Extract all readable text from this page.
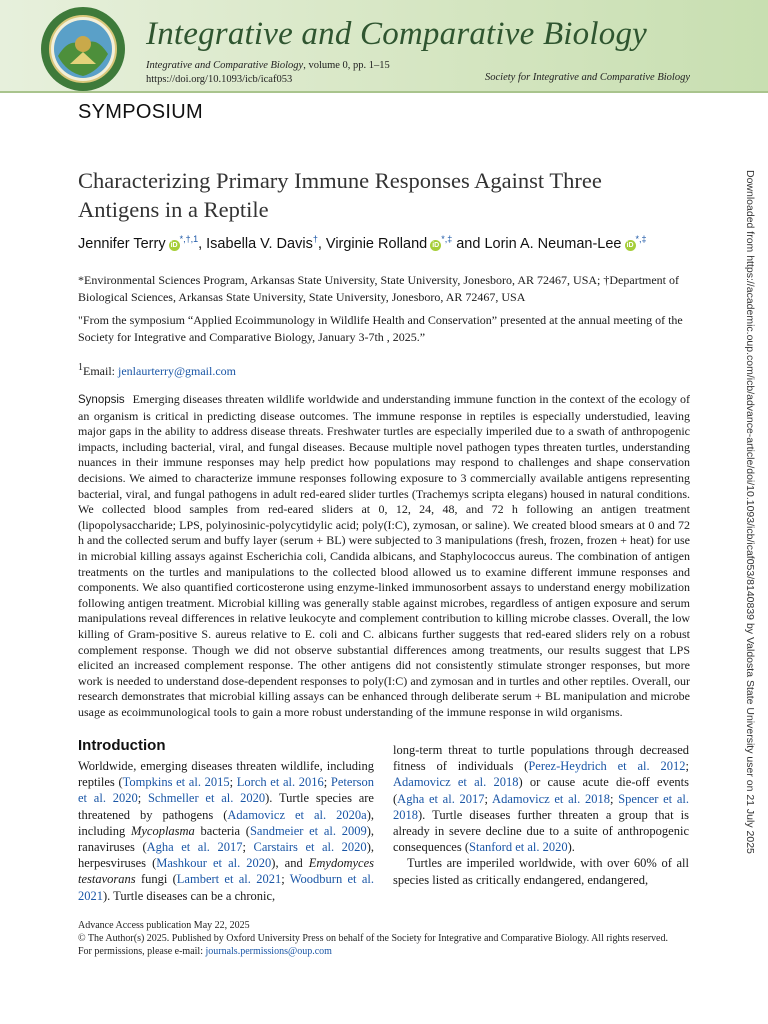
Integrative and Comparative Biology
Integrative and Comparative Biology, volume 0, pp. 1–15
https://doi.org/10.1093/icb/icaf053	Society for Integrative and Comparative Biology
SYMPOSIUM
Characterizing Primary Immune Responses Against Three Antigens in a Reptile
Jennifer Terry $iD^{*,\dagger,1}$, Isabella V. Davis†, Virginie Rolland iD*,‡ and Lorin A. Neuman-Lee iD*,‡
*Environmental Sciences Program, Arkansas State University, State University, Jonesboro, AR 72467, USA; †Department of Biological Sciences, Arkansas State University, State University, Jonesboro, AR 72467, USA
"From the symposium “Applied Ecoimmunology in Wildlife Health and Conservation” presented at the annual meeting of the Society for Integrative and Comparative Biology, January 3-7th , 2025.”
$^1$Email: jenlaurterry@gmail.com
Synopsis Emerging diseases threaten wildlife worldwide and understanding immune function in the context of the ecology of an organism is critical in predicting disease outcomes. The immune response in reptiles is especially understudied, leaving major gaps in the ability to address disease threats. Freshwater turtles are especially imperiled due to a swath of anthropogenic impacts, including bacterial, viral, and fungal diseases. Because multiple novel pathogen types threaten turtles, understanding nuances in their immune responses may help predict how populations may respond to challenges and shape conservation decisions. We aimed to characterize immune responses following exposure to 3 commercially available antigens representing bacterial, viral, and fungal pathogens in adult red-eared slider turtles (Trachemys scripta elegans) housed in natural conditions. We collected blood samples from red-eared sliders at 0, 12, 24, 48, and 72 h following an antigen treatment (lipopolysaccharide; LPS, polyinosinic-polycytidylic acid; poly(I:C), zymosan, or saline). We created blood smears at 0 and 72 h and the collected serum and buffy layer (serum + BL) were subjected to 3 manipulations (fresh, frozen, frozen + heat) for use in microbial killing assays against Escherichia coli, Candida albicans, and Staphylococcus aureus. The combination of antigen treatments on the turtles and manipulations to the collected blood allowed us to examine different immune responses and components. We also quantified corticosterone using enzyme-linked immunosorbent assays to understand energy mobilization following antigen treatment. Microbial killing was generally stable against microbes, regardless of antigen exposure and serum manipulations reveal differences in relative leukocyte and complement contribution to killing microbe classes. Overall, the low killing of Gram-positive S. aureus relative to E. coli and C. albicans further suggests that red-eared sliders rely on a robust complement response. Though we did not observe substantial differences among treatments, our results suggest that LPS elicited an increased complement response. The other antigens did not consistently stimulate stronger responses, but more work is needed to understand dose-dependent responses to poly(I:C) and zymosan and in turtles and other reptiles. Overall, our research demonstrates that microbial killing assays can be enhanced through deliberate serum + BL manipulation and microbe usage as ecoimmunological tools to gain a more robust understanding of the immune response in wild organisms.
Introduction
Worldwide, emerging diseases threaten wildlife, including reptiles (Tompkins et al. 2015; Lorch et al. 2016; Peterson et al. 2020; Schmeller et al. 2020). Turtle species are threatened by pathogens (Adamovicz et al. 2020a), including Mycoplasma bacteria (Sandmeier et al. 2009), ranaviruses (Agha et al. 2017; Carstairs et al. 2020), herpesviruses (Mashkour et al. 2020), and Emydomyces testavorans fungi (Lambert et al. 2021; Woodburn et al. 2021). Turtle diseases can be a chronic,
long-term threat to turtle populations through decreased fitness of individuals (Perez-Heydrich et al. 2012; Adamovicz et al. 2018) or cause acute die-off events (Agha et al. 2017; Adamovicz et al. 2018; Spencer et al. 2018). Turtle diseases further threaten a group that is already in severe decline due to a suite of anthropogenic consequences (Stanford et al. 2020).
Turtles are imperiled worldwide, with over 60% of all species listed as critically endangered, endangered,
Advance Access publication May 22, 2025
© The Author(s) 2025. Published by Oxford University Press on behalf of the Society for Integrative and Comparative Biology. All rights reserved.
For permissions, please e-mail: journals.permissions@oup.com
Downloaded from https://academic.oup.com/icb/advance-article/doi/10.1093/icb/icaf053/8140839 by Valdosta State University user on 21 July 2025
